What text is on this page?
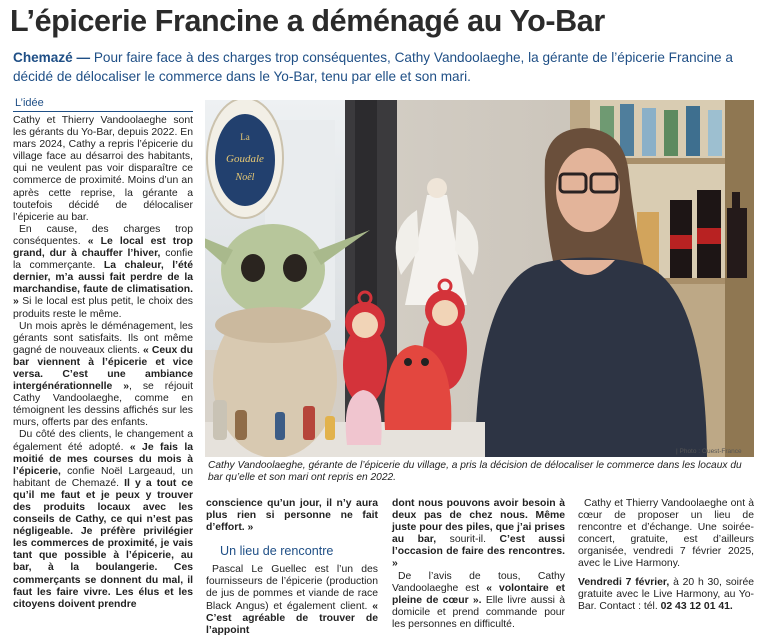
L’épicerie Francine a déménagé au Yo-Bar

Chemazé — Pour faire face à des charges trop conséquentes, Cathy Vandoolaeghe, la gérante de l’épicerie Francine a décidé de délocaliser le commerce dans le Yo-Bar, tenu par elle et son mari.

L’idée

Cathy et Thierry Vandoolaeghe sont les gérants du Yo-Bar, depuis 2022. En mars 2024, Cathy a repris l’épicerie du village face au désarroi des habitants, qui ne veulent pas voir disparaître ce commerce de proximité. Moins d’un an après cette reprise, la gérante a toutefois décidé de délocaliser l’épicerie au bar.

En cause, des charges trop conséquentes. « Le local est trop grand, dur à chauffer l’hiver, confie la commerçante. La chaleur, l’été dernier, m’a aussi fait perdre de la marchandise, faute de climatisation. » Si le local est plus petit, le choix des produits reste le même.

Un mois après le déménagement, les gérants sont satisfaits. Ils ont même gagné de nouveaux clients. « Ceux du bar viennent à l’épicerie et vice versa. C’est une ambiance intergénérationnelle », se réjouit Cathy Vandoolaeghe, comme en témoignent les dessins affichés sur les murs, offerts par des enfants.

Du côté des clients, le changement a également été adopté. « Je fais la moitié de mes courses du mois à l’épicerie, confie Noël Largeaud, un habitant de Chemazé. Il y a tout ce qu’il me faut et je peux y trouver des produits locaux avec les conseils de Cathy, ce qui n’est pas négligeable. Je préfère privilégier les commerces de proximité, je vais tant que possible à l’épicerie, au bar, à la boulangerie. Ces commerçants se donnent du mal, il faut les faire vivre. Les élus et les citoyens doivent prendre

La
Goudale
Noël
| Photo : Ouest-France

Cathy Vandoolaeghe, gérante de l’épicerie du village, a pris la décision de délocaliser le commerce dans les locaux du bar qu’elle et son mari ont repris en 2022.

conscience qu’un jour, il n’y aura plus rien si personne ne fait d’effort. »

Un lieu de rencontre

Pascal Le Guellec est l’un des fournisseurs de l’épicerie (production de jus de pommes et viande de race Black Angus) et également client. « C’est agréable de trouver de l’appoint

dont nous pouvons avoir besoin à deux pas de chez nous. Même juste pour des piles, que j’ai prises au bar, sourit-il. C’est aussi l’occasion de faire des rencontres. »

De l’avis de tous, Cathy Vandoolaeghe est « volontaire et pleine de cœur ». Elle livre aussi à domicile et prend commande pour les personnes en difficulté.

Cathy et Thierry Vandoolaeghe ont à cœur de proposer un lieu de rencontre et d’échange. Une soirée-concert, gratuite, est d’ailleurs organisée, vendredi 7 février 2025, avec le Live Harmony.

Vendredi 7 février, à 20 h 30, soirée gratuite avec le Live Harmony, au Yo-Bar. Contact : tél. 02 43 12 01 41.
